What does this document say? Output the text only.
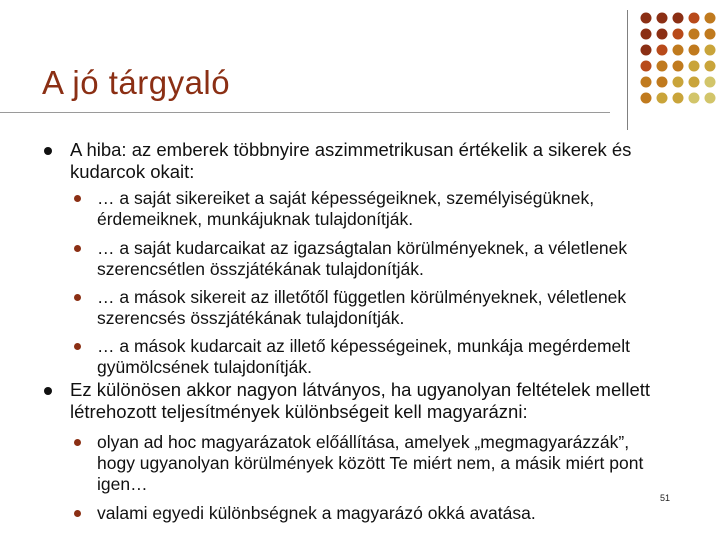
A jó tárgyaló

A hiba: az emberek többnyire aszimmetrikusan értékelik a sikerek és kudarcok okait:

… a saját sikereiket a saját képességeiknek, személyiségüknek, érdemeiknek, munkájuknak tulajdonítják.

… a saját kudarcaikat az igazságtalan körülményeknek, a véletlenek szerencsétlen összjátékának tulajdonítják.

… a mások sikereit az illetőtől független körülményeknek, véletlenek szerencsés összjátékának tulajdonítják.

… a mások kudarcait az illető képességeinek, munkája megérdemelt gyümölcsének tulajdonítják.

Ez különösen akkor nagyon látványos, ha ugyanolyan feltételek mellett létrehozott teljesítmények különbségeit kell magyarázni:

olyan ad hoc magyarázatok előállítása, amelyek „megmagyarázzák”, hogy ugyanolyan körülmények között Te miért nem, a másik miért pont igen…

valami egyedi különbségnek a magyarázó okká avatása.

51
